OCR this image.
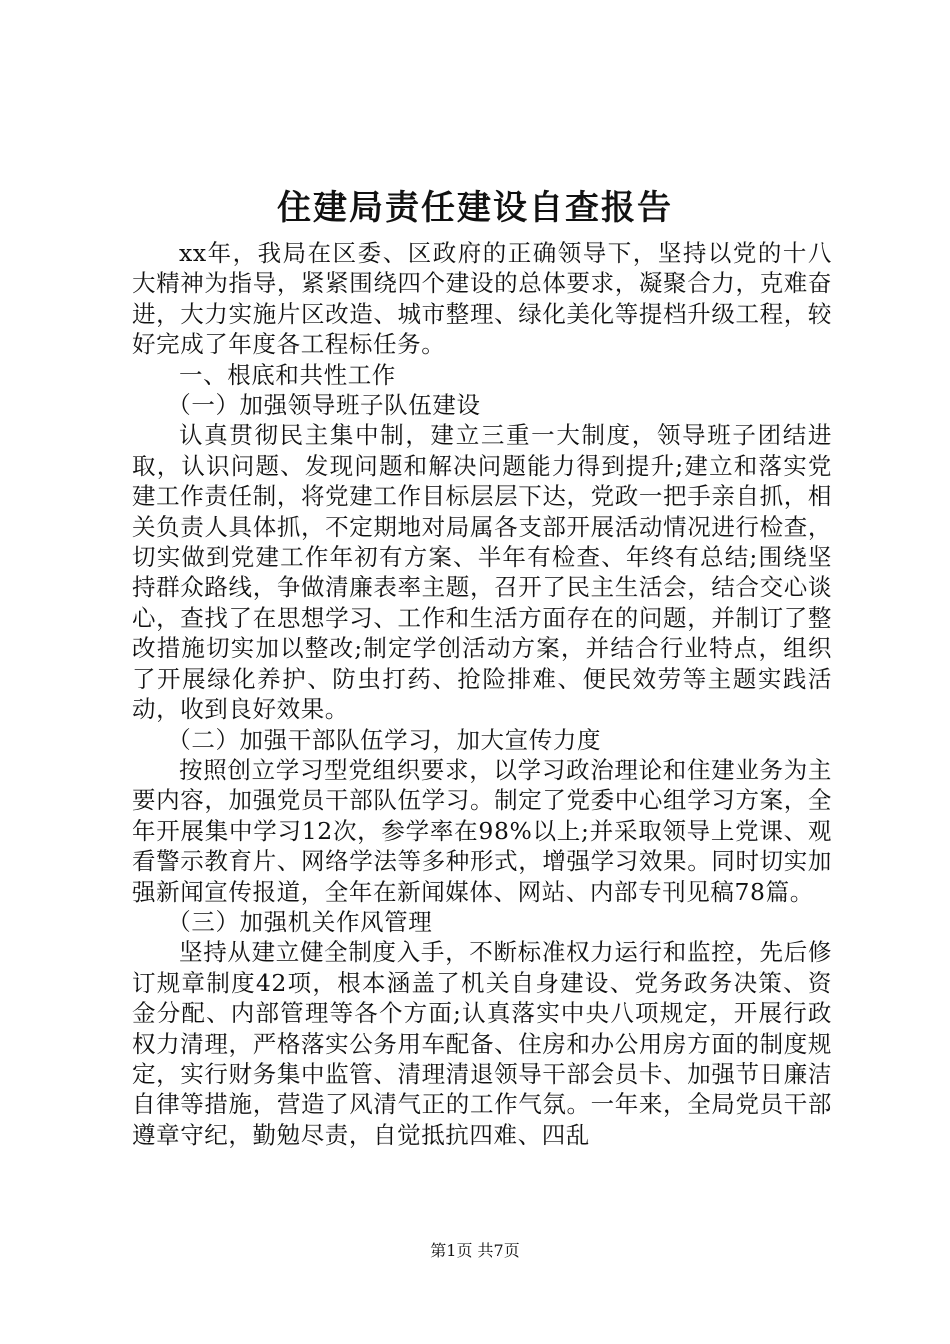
住建局责任建设自查报告

xx年，我局在区委、区政府的正确领导下，坚持以党的十八大精神为指导，紧紧围绕四个建设的总体要求，凝聚合力，克难奋进，大力实施片区改造、城市整理、绿化美化等提档升级工程，较好完成了年度各工程标任务。

一、根底和共性工作

（一）加强领导班子队伍建设

认真贯彻民主集中制，建立三重一大制度，领导班子团结进取，认识问题、发现问题和解决问题能力得到提升;建立和落实党建工作责任制，将党建工作目标层层下达，党政一把手亲自抓，相关负责人具体抓，不定期地对局属各支部开展活动情况进行检查，切实做到党建工作年初有方案、半年有检查、年终有总结;围绕坚持群众路线，争做清廉表率主题，召开了民主生活会，结合交心谈心，查找了在思想学习、工作和生活方面存在的问题，并制订了整改措施切实加以整改;制定学创活动方案，并结合行业特点，组织了开展绿化养护、防虫打药、抢险排难、便民效劳等主题实践活动，收到良好效果。

（二）加强干部队伍学习，加大宣传力度

按照创立学习型党组织要求，以学习政治理论和住建业务为主要内容，加强党员干部队伍学习。制定了党委中心组学习方案，全年开展集中学习12次，参学率在98%以上;并采取领导上党课、观看警示教育片、网络学法等多种形式，增强学习效果。同时切实加强新闻宣传报道，全年在新闻媒体、网站、内部专刊见稿78篇。

（三）加强机关作风管理

坚持从建立健全制度入手，不断标准权力运行和监控，先后修订规章制度42项，根本涵盖了机关自身建设、党务政务决策、资金分配、内部管理等各个方面;认真落实中央八项规定，开展行政权力清理，严格落实公务用车配备、住房和办公用房方面的制度规定，实行财务集中监管、清理清退领导干部会员卡、加强节日廉洁自律等措施，营造了风清气正的工作气氛。一年来，全局党员干部遵章守纪，勤勉尽责，自觉抵抗四难、四乱

第1页 共7页
